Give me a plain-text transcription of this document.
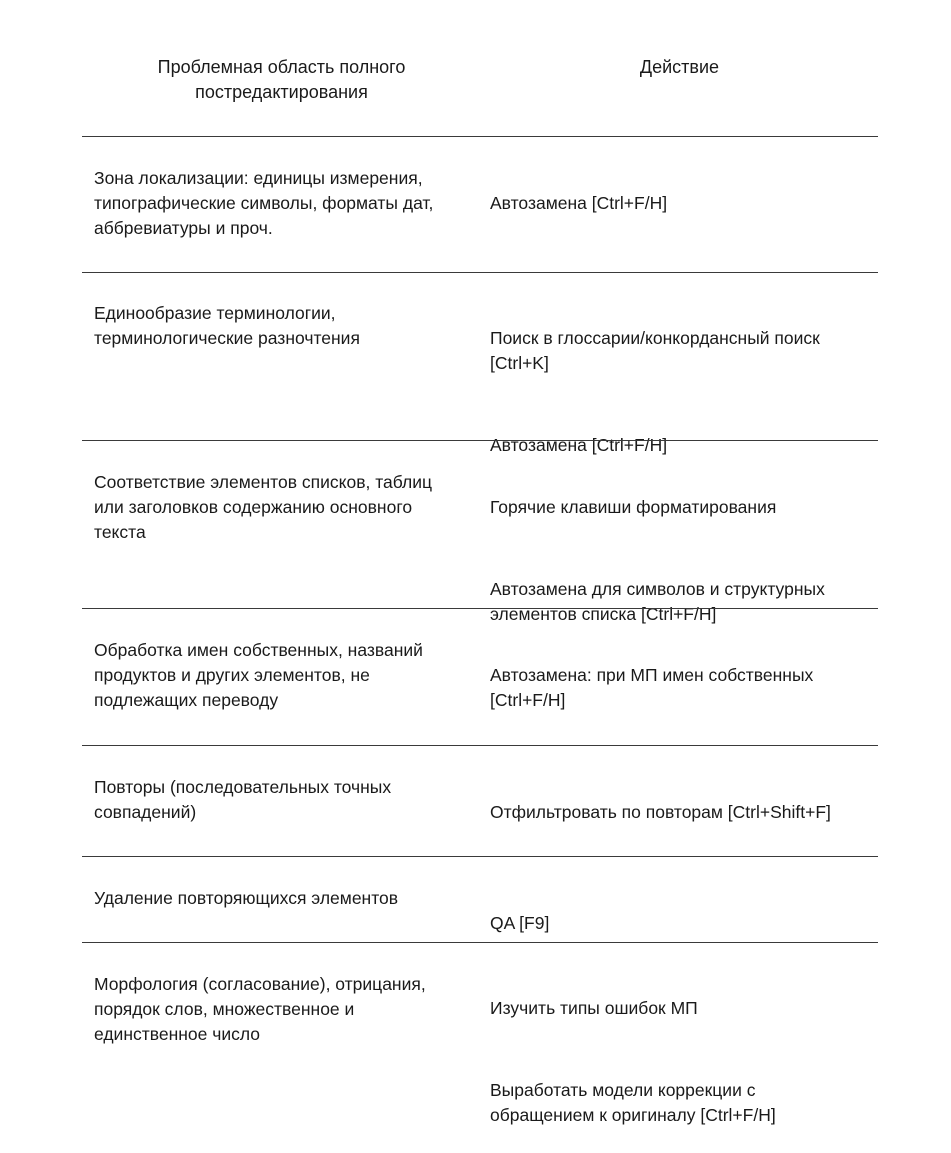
Проблемная область полного
постредактирования
Действие
Зона локализации: единицы измерения,
типографические символы, форматы дат,
аббревиатуры и проч.

Автозамена [Ctrl+F/H]

Единообразие терминологии,
терминологические разночтения	Поиск в глоссарии/конкордансный поиск
[Ctrl+K]

Автозамена [Ctrl+F/H]

Соответствие элементов списков, таблиц
или заголовков содержанию основного
текста

Горячие клавиши форматирования

Автозамена для символов и структурных
элементов списка [Ctrl+F/H]

Обработка имен собственных, названий
продуктов и других элементов, не
подлежащих переводу

Автозамена: при МП имен собственных
[Ctrl+F/H]

Повторы (последовательных точных
совпадений)	Отфильтровать по повторам [Ctrl+Shift+F]

Удаление повторяющихся элементов

QA [F9]

Морфология (согласование), отрицания,
порядок слов, множественное и
единственное число

Изучить типы ошибок МП

Выработать модели коррекции с
обращением к оригиналу [Ctrl+F/H]
